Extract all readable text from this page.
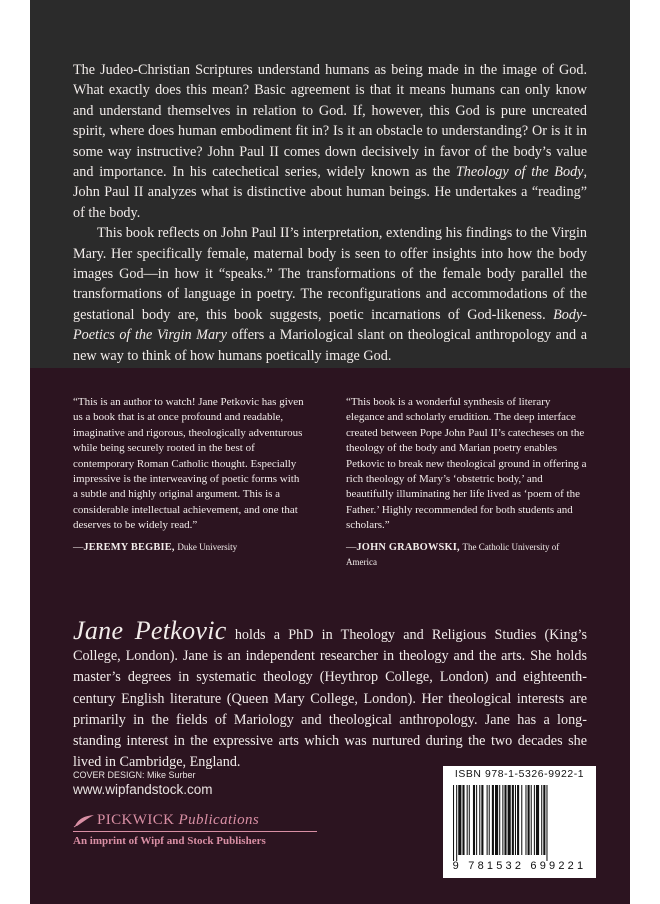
The Judeo-Christian Scriptures understand humans as being made in the image of God. What exactly does this mean? Basic agreement is that it means humans can only know and understand themselves in relation to God. If, however, this God is pure uncreated spirit, where does human embodiment fit in? Is it an obstacle to understanding? Or is it in some way instructive? John Paul II comes down decisively in favor of the body’s value and importance. In his catechetical series, widely known as the Theology of the Body, John Paul II analyzes what is distinctive about human beings. He undertakes a “reading” of the body.

This book reflects on John Paul II’s interpretation, extending his findings to the Virgin Mary. Her specifically female, maternal body is seen to offer insights into how the body images God—in how it “speaks.” The transformations of the female body parallel the transformations of language in poetry. The reconfigurations and accommodations of the gestational body are, this book suggests, poetic incarnations of God-likeness. Body-Poetics of the Virgin Mary offers a Mariological slant on theological anthropology and a new way to think of how humans poetically image God.

“This is an author to watch! Jane Petkovic has given us a book that is at once profound and readable, imaginative and rigorous, theologically adventurous while being securely rooted in the best of contemporary Roman Catholic thought. Especially impressive is the interweaving of poetic forms with a subtle and highly original argument. This is a considerable intellectual achievement, and one that deserves to be widely read.”

—JEREMY BEGBIE, Duke University

“This book is a wonderful synthesis of literary elegance and scholarly erudition. The deep interface created between Pope John Paul II’s catecheses on the theology of the body and Marian poetry enables Petkovic to break new theological ground in offering a rich theology of Mary’s ‘obstetric body,’ and beautifully illuminating her life lived as ‘poem of the Father.’ Highly recommended for both students and scholars.”

—JOHN GRABOWSKI, The Catholic University of America
Jane Petkovic holds a PhD in Theology and Religious Studies (King’s College, London). Jane is an independent researcher in theology and the arts. She holds master’s degrees in systematic theology (Heythrop College, London) and eighteenth-century English literature (Queen Mary College, London). Her theological interests are primarily in the fields of Mariology and theological anthropology. Jane has a long-standing interest in the expressive arts which was nurtured during the two decades she lived in Cambridge, England.
COVER DESIGN: Mike Surber
www.wipfandstock.com
PICKWICK Publications
An imprint of Wipf and Stock Publishers
ISBN 978-1-5326-9922-1
9 781532 699221
